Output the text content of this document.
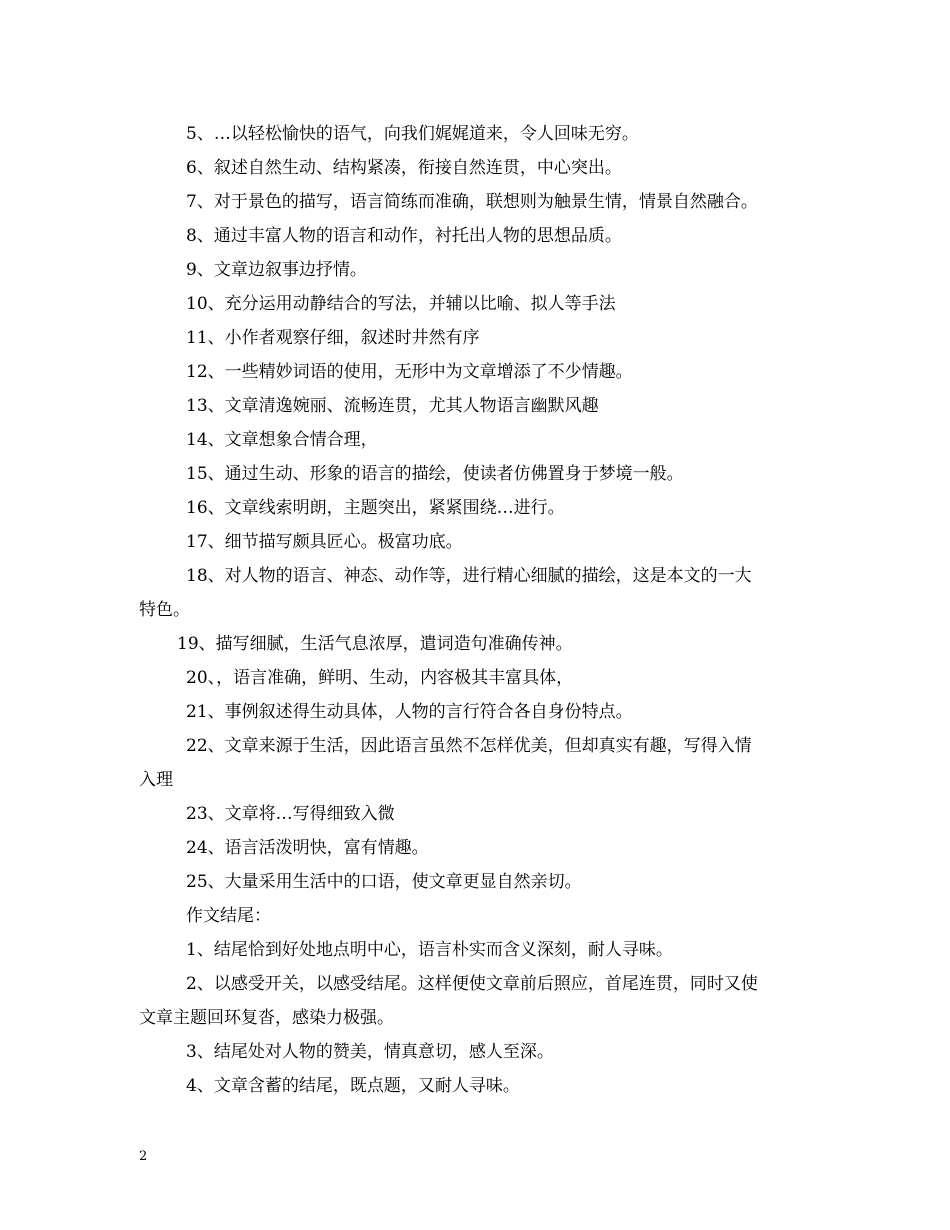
5、…以轻松愉快的语气，向我们娓娓道来，令人回味无穷。
6、叙述自然生动、结构紧凑，衔接自然连贯，中心突出。
7、对于景色的描写，语言简练而准确，联想则为触景生情，情景自然融合。
8、通过丰富人物的语言和动作，衬托出人物的思想品质。
9、文章边叙事边抒情。
10、充分运用动静结合的写法，并辅以比喻、拟人等手法
11、小作者观察仔细，叙述时井然有序
12、一些精妙词语的使用，无形中为文章增添了不少情趣。
13、文章清逸婉丽、流畅连贯，尤其人物语言幽默风趣
14、文章想象合情合理，
15、通过生动、形象的语言的描绘，使读者仿佛置身于梦境一般。
16、文章线索明朗，主题突出，紧紧围绕…进行。
17、细节描写颇具匠心。极富功底。
18、对人物的语言、神态、动作等，进行精心细腻的描绘，这是本文的一大
特色。
19、描写细腻，生活气息浓厚，遣词造句准确传神。
20、，语言准确，鲜明、生动，内容极其丰富具体，
21、事例叙述得生动具体，人物的言行符合各自身份特点。
22、文章来源于生活，因此语言虽然不怎样优美，但却真实有趣，写得入情
入理
23、文章将…写得细致入微
24、语言活泼明快，富有情趣。
25、大量采用生活中的口语，使文章更显自然亲切。
作文结尾：
1、结尾恰到好处地点明中心，语言朴实而含义深刻，耐人寻味。
2、以感受开关，以感受结尾。这样便使文章前后照应，首尾连贯，同时又使
文章主题回环复沓，感染力极强。
3、结尾处对人物的赞美，情真意切，感人至深。
4、文章含蓄的结尾，既点题，又耐人寻味。
2
